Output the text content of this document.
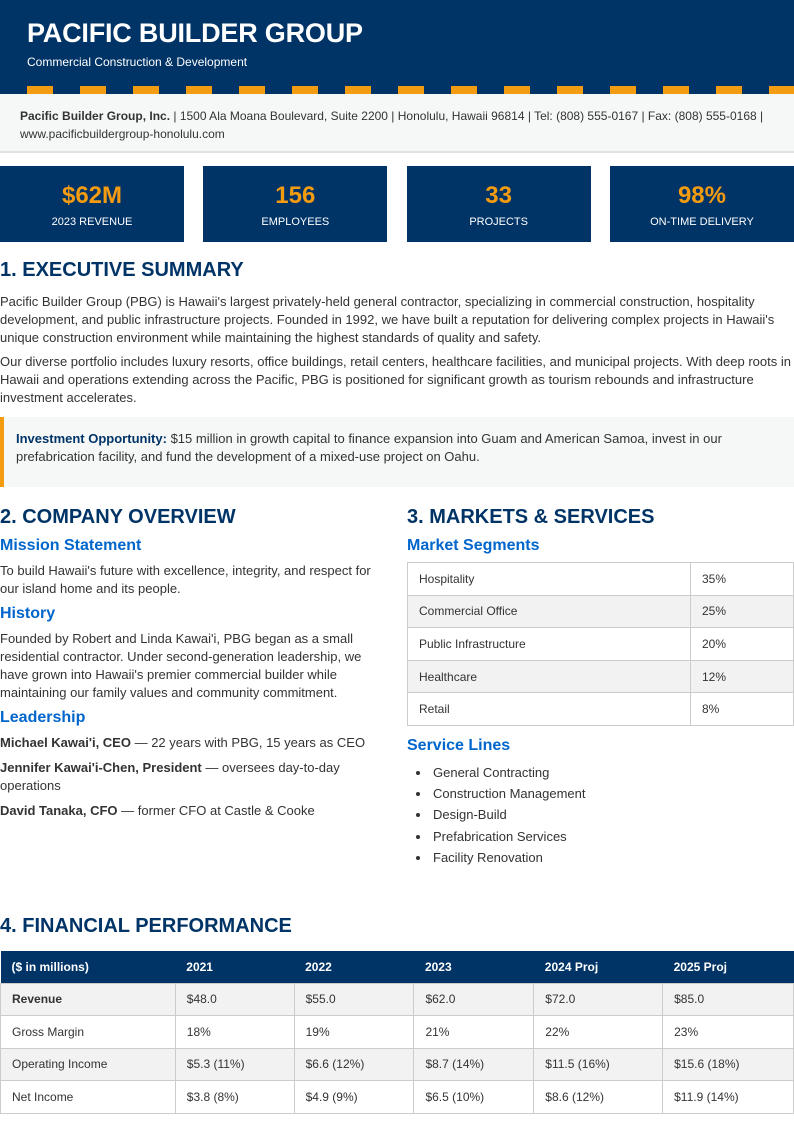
PACIFIC BUILDER GROUP
Commercial Construction & Development
Pacific Builder Group, Inc. | 1500 Ala Moana Boulevard, Suite 2200 | Honolulu, Hawaii 96814 | Tel: (808) 555-0167 | Fax: (808) 555-0168 | www.pacificbuildergroup-honolulu.com
$62M
2023 REVENUE
156
EMPLOYEES
33
PROJECTS
98%
ON-TIME DELIVERY
1. EXECUTIVE SUMMARY

Pacific Builder Group (PBG) is Hawaii's largest privately-held general contractor, specializing in commercial construction, hospitality development, and public infrastructure projects. Founded in 1992, we have built a reputation for delivering complex projects in Hawaii's unique construction environment while maintaining the highest standards of quality and safety.

Our diverse portfolio includes luxury resorts, office buildings, retail centers, healthcare facilities, and municipal projects. With deep roots in Hawaii and operations extending across the Pacific, PBG is positioned for significant growth as tourism rebounds and infrastructure investment accelerates.

Investment Opportunity: $15 million in growth capital to finance expansion into Guam and American Samoa, invest in our prefabrication facility, and fund the development of a mixed-use project on Oahu.
2. COMPANY OVERVIEW
Mission Statement

To build Hawaii's future with excellence, integrity, and respect for our island home and its people.

History

Founded by Robert and Linda Kawai'i, PBG began as a small residential contractor. Under second-generation leadership, we have grown into Hawaii's premier commercial builder while maintaining our family values and community commitment.

Leadership
Michael Kawai'i, CEO — 22 years with PBG, 15 years as CEO
Jennifer Kawai'i-Chen, President — oversees day-to-day operations
David Tanaka, CFO — former CFO at Castle & Cooke
3. MARKETS & SERVICES
Market Segments
Hospitality	35%
Commercial Office	25%
Public Infrastructure	20%
Healthcare	12%
Retail	8%
Service Lines
General Contracting
Construction Management
Design-Build
Prefabrication Services
Facility Renovation
4. FINANCIAL PERFORMANCE
($ in millions)	2021	2022	2023	2024 Proj	2025 Proj
Revenue	$48.0	$55.0	$62.0	$72.0	$85.0
Gross Margin	18%	19%	21%	22%	23%
Operating Income	$5.3 (11%)	$6.6 (12%)	$8.7 (14%)	$11.5 (16%)	$15.6 (18%)
Net Income	$3.8 (8%)	$4.9 (9%)	$6.5 (10%)	$8.6 (12%)	$11.9 (14%)
